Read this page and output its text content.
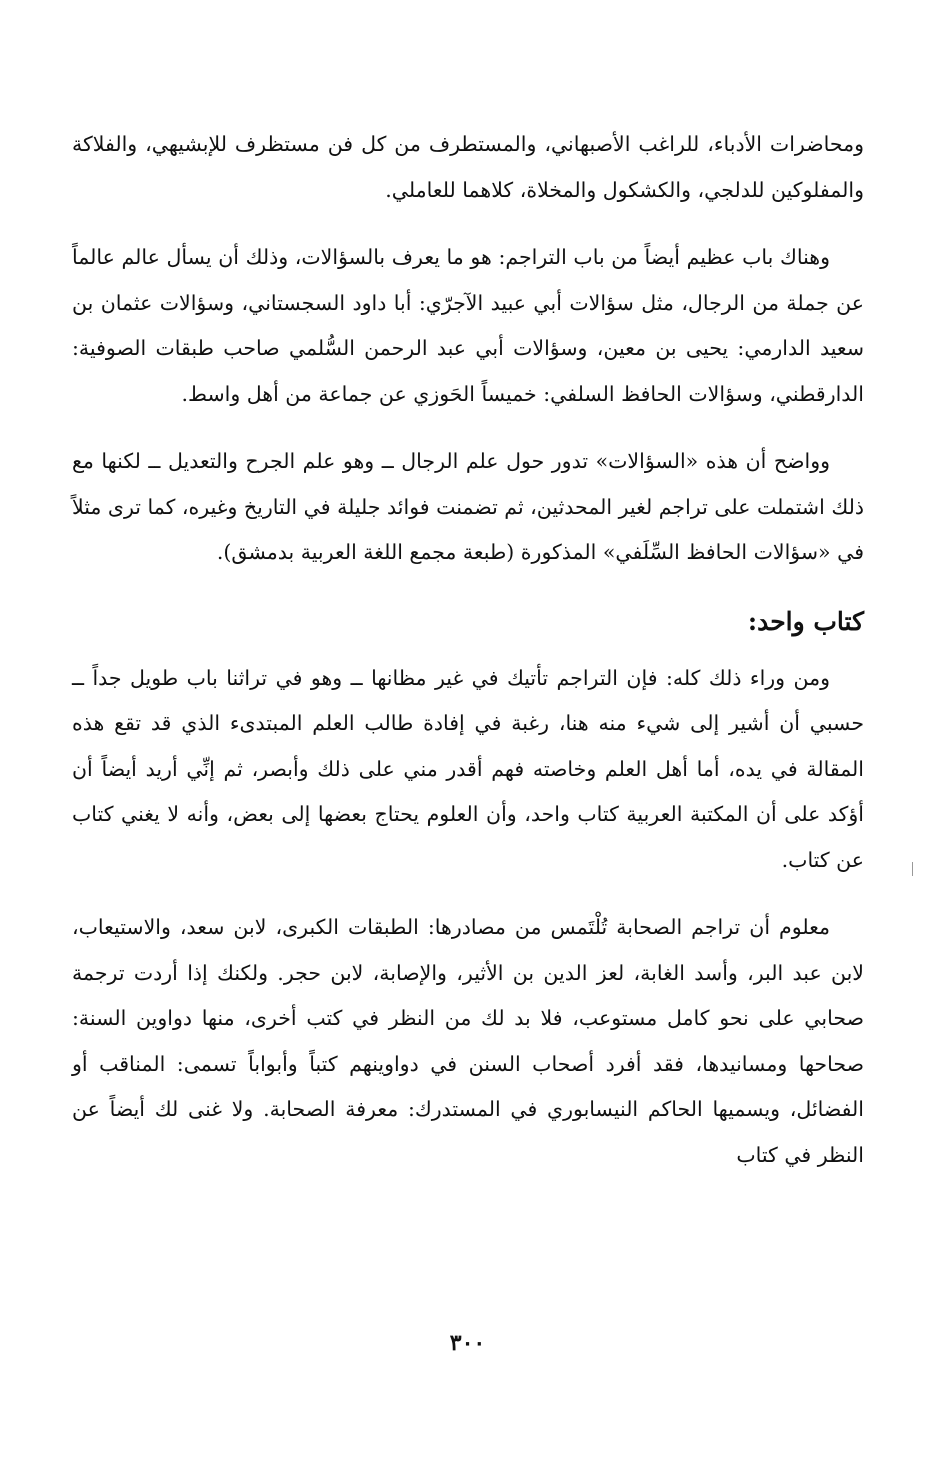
ومحاضرات الأدباء، للراغب الأصبهاني، والمستطرف من كل فن مستظرف للإبشيهي، والفلاكة والمفلوكين للدلجي، والكشكول والمخلاة، كلاهما للعاملي.

وهناك باب عظيم أيضاً من باب التراجم: هو ما يعرف بالسؤالات، وذلك أن يسأل عالم عالماً عن جملة من الرجال، مثل سؤالات أبي عبيد الآجرّي: أبا داود السجستاني، وسؤالات عثمان بن سعيد الدارمي: يحيى بن معين، وسؤالات أبي عبد الرحمن السُّلمي صاحب طبقات الصوفية: الدارقطني، وسؤالات الحافظ السلفي: خميساً الحَوزي عن جماعة من أهل واسط.

وواضح أن هذه «السؤالات» تدور حول علم الرجال ــ وهو علم الجرح والتعديل ــ لكنها مع ذلك اشتملت على تراجم لغير المحدثين، ثم تضمنت فوائد جليلة في التاريخ وغيره، كما ترى مثلاً في «سؤالات الحافظ السِّلَفي» المذكورة (طبعة مجمع اللغة العربية بدمشق).

كتاب واحد:

ومن وراء ذلك كله: فإن التراجم تأتيك في غير مظانها ــ وهو في تراثنا باب طويل جداً ــ حسبي أن أشير إلى شيء منه هنا، رغبة في إفادة طالب العلم المبتدىء الذي قد تقع هذه المقالة في يده، أما أهل العلم وخاصته فهم أقدر مني على ذلك وأبصر، ثم إنِّي أريد أيضاً أن أؤكد على أن المكتبة العربية كتاب واحد، وأن العلوم يحتاج بعضها إلى بعض، وأنه لا يغني كتاب عن كتاب.

معلوم أن تراجم الصحابة تُلْتَمس من مصادرها: الطبقات الكبرى، لابن سعد، والاستيعاب، لابن عبد البر، وأسد الغابة، لعز الدين بن الأثير، والإصابة، لابن حجر. ولكنك إذا أردت ترجمة صحابي على نحو كامل مستوعب، فلا بد لك من النظر في كتب أخرى، منها دواوين السنة: صحاحها ومسانيدها، فقد أفرد أصحاب السنن في دواوينهم كتباً وأبواباً تسمى: المناقب أو الفضائل، ويسميها الحاكم النيسابوري في المستدرك: معرفة الصحابة. ولا غنى لك أيضاً عن النظر في كتاب

٣٠٠
